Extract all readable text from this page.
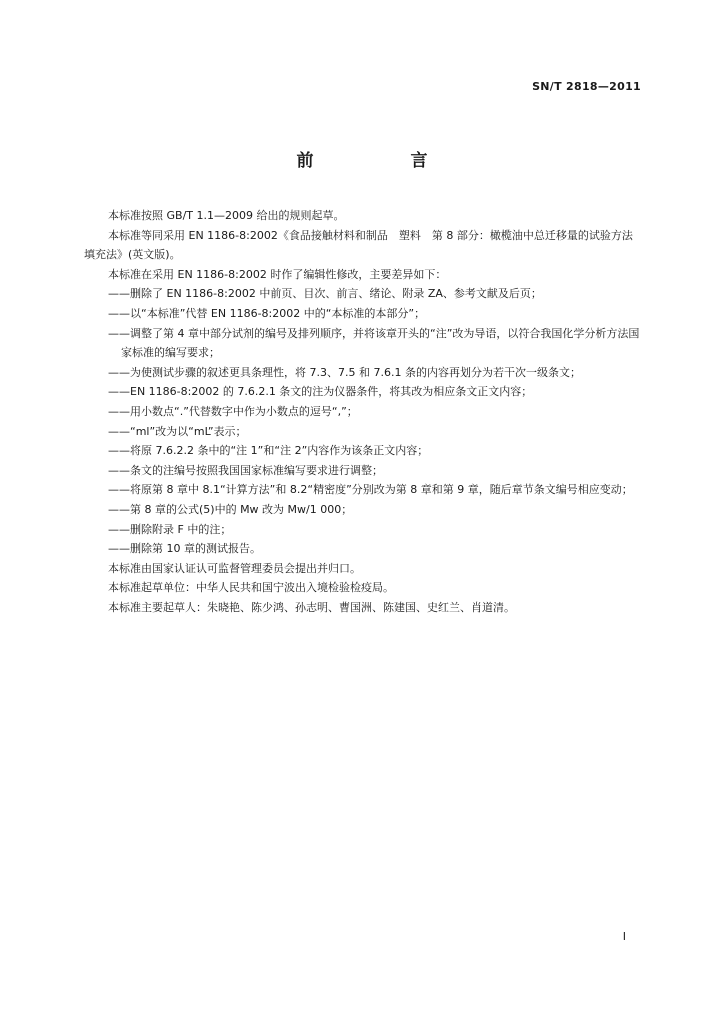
SN/T 2818—2011
前　言

本标准按照 GB/T 1.1—2009 给出的规则起草。

本标准等同采用 EN 1186-8:2002《食品接触材料和制品　塑料　第 8 部分：橄榄油中总迁移量的试验方法　填充法》(英文版)。

本标准在采用 EN 1186-8:2002 时作了编辑性修改，主要差异如下：

——删除了 EN 1186-8:2002 中前页、目次、前言、绪论、附录 ZA、参考文献及后页；

——以“本标准”代替 EN 1186-8:2002 中的“本标准的本部分”；

——调整了第 4 章中部分试剂的编号及排列顺序，并将该章开头的“注”改为导语，以符合我国化学分析方法国家标准的编写要求；

——为使测试步骤的叙述更具条理性，将 7.3、7.5 和 7.6.1 条的内容再划分为若干次一级条文；

——EN 1186-8:2002 的 7.6.2.1 条文的注为仪器条件，将其改为相应条文正文内容；

——用小数点“.”代替数字中作为小数点的逗号“,”；

——“ml”改为以“mL”表示；

——将原 7.6.2.2 条中的“注 1”和“注 2”内容作为该条正文内容；

——条文的注编号按照我国国家标准编写要求进行调整；

——将原第 8 章中 8.1“计算方法”和 8.2“精密度”分别改为第 8 章和第 9 章，随后章节条文编号相应变动；

——第 8 章的公式(5)中的 Mw 改为 Mw/1 000；

——删除附录 F 中的注；

——删除第 10 章的测试报告。

本标准由国家认证认可监督管理委员会提出并归口。

本标准起草单位：中华人民共和国宁波出入境检验检疫局。

本标准主要起草人：朱晓艳、陈少鸿、孙志明、曹国洲、陈建国、史红兰、肖道清。

I
